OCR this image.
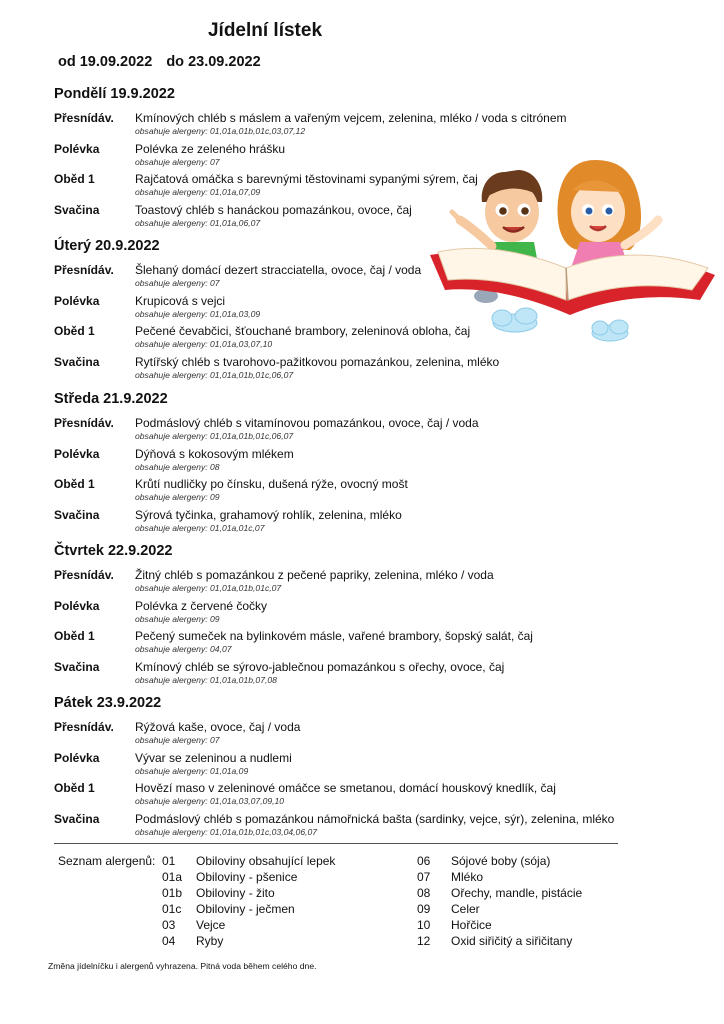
Jídelní lístek
od 19.09.2022 do 23.09.2022
Pondělí 19.9.2022
Přesnídáv. Kmínových chléb s máslem a vařeným vejcem, zelenina, mléko / voda s citrónem
obsahuje alergeny: 01,01a,01b,01c,03,07,12
Polévka	Polévka ze zeleného hrášku
obsahuje alergeny: 07
Oběd 1	Rajčatová omáčka s barevnými těstovinami sypanými sýrem, čaj
obsahuje alergeny: 01,01a,07,09
Svačina	Toastový chléb s hanáckou pomazánkou, ovoce, čaj
obsahuje alergeny: 01,01a,06,07
Úterý 20.9.2022
Přesnídáv. Šlehaný domácí dezert stracciatella, ovoce, čaj / voda
obsahuje alergeny: 07
Polévka	Krupicová s vejci
obsahuje alergeny: 01,01a,03,09
Oběd 1	Pečené čevabčici, šťouchané brambory, zeleninová obloha, čaj
obsahuje alergeny: 01,01a,03,07,10
Svačina	Rytířský chléb s tvarohovo-pažitkovou pomazánkou, zelenina, mléko
obsahuje alergeny: 01,01a,01b,01c,06,07
Středa 21.9.2022
Přesnídáv. Podmáslový chléb s vitamínovou pomazánkou, ovoce, čaj / voda
obsahuje alergeny: 01,01a,01b,01c,06,07
Polévka	Dýňová s kokosovým mlékem
obsahuje alergeny: 08
Oběd 1	Krůtí nudličky po čínsku, dušená rýže, ovocný mošt
obsahuje alergeny: 09
Svačina	Sýrová tyčinka, grahamový rohlík, zelenina, mléko
obsahuje alergeny: 01,01a,01c,07
Čtvrtek 22.9.2022
Přesnídáv. Žitný chléb s pomazánkou z pečené papriky, zelenina, mléko / voda
obsahuje alergeny: 01,01a,01b,01c,07
Polévka	Polévka z červené čočky
obsahuje alergeny: 09
Oběd 1	Pečený sumeček na bylinkovém másle, vařené brambory, šopský salát, čaj
obsahuje alergeny: 04,07
Svačina	Kmínový chléb se sýrovo-jablečnou pomazánkou s ořechy, ovoce, čaj
obsahuje alergeny: 01,01a,01b,07,08
Pátek 23.9.2022
Přesnídáv. Rýžová kaše, ovoce, čaj / voda
obsahuje alergeny: 07
Polévka	Vývar se zeleninou a nudlemi
obsahuje alergeny: 01,01a,09
Oběd 1	Hovězí maso v zeleninové omáčce se smetanou, domácí houskový knedlík, čaj
obsahuje alergeny: 01,01a,03,07,09,10
Svačina	Podmáslový chléb s pomazánkou námořnická bašta (sardinky, vejce, sýr), zelenina, mléko
obsahuje alergeny: 01,01a,01b,01c,03,04,06,07
Seznam alergenů: 01 Obiloviny obsahující lepek
01a Obiloviny - pšenice
01b Obiloviny - žito
01c Obiloviny - ječmen
03 Vejce
04 Ryby
06 Sójové boby (sója)
07 Mléko
08 Ořechy, mandle, pistácie
09 Celer
10 Hořčice
12 Oxid siřičitý a siřičitany
Změna jídelníčku i alergenů vyhrazena. Pitná voda během celého dne.
